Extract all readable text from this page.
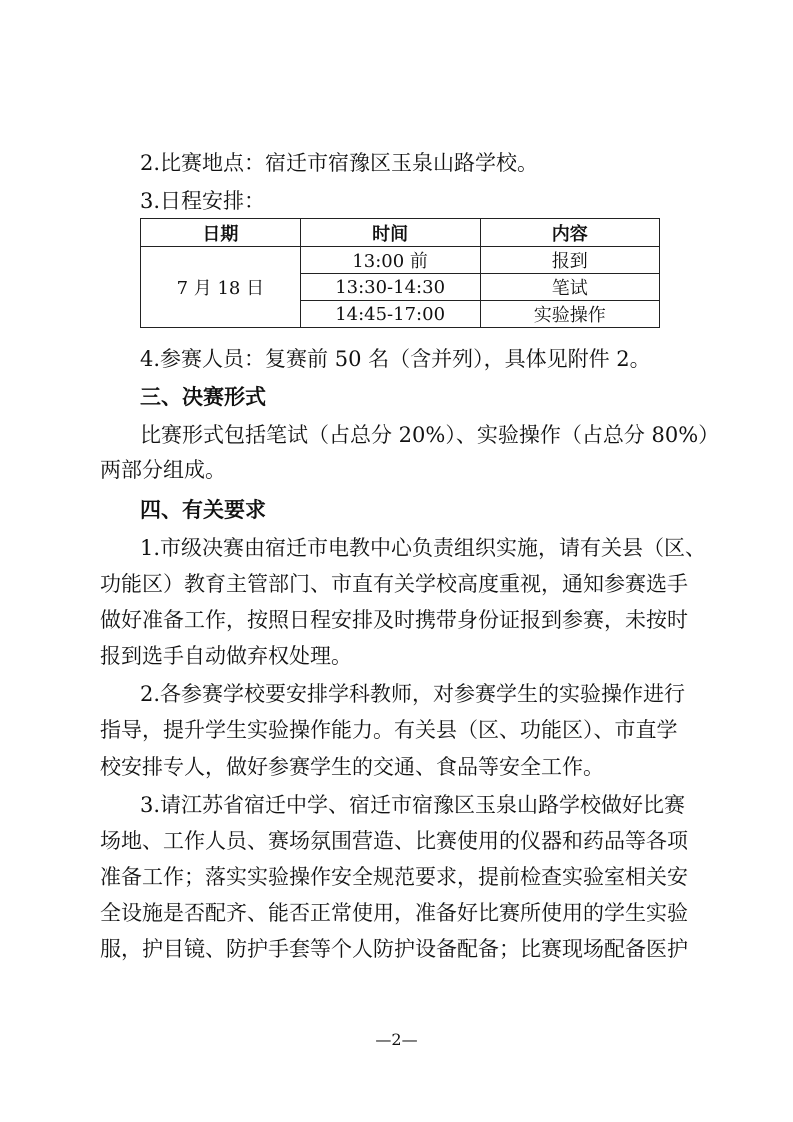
2.比赛地点：宿迁市宿豫区玉泉山路学校。
3.日程安排：
日期	时间	内容
7 月 18 日	13:00 前	报到
	13:30-14:30	笔试
	14:45-17:00	实验操作
4.参赛人员：复赛前 50 名（含并列），具体见附件 2。
三、决赛形式
比赛形式包括笔试（占总分 20%）、实验操作（占总分 80%）
两部分组成。
四、有关要求
1.市级决赛由宿迁市电教中心负责组织实施，请有关县（区、
功能区）教育主管部门、市直有关学校高度重视，通知参赛选手
做好准备工作，按照日程安排及时携带身份证报到参赛，未按时
报到选手自动做弃权处理。
2.各参赛学校要安排学科教师，对参赛学生的实验操作进行
指导，提升学生实验操作能力。有关县（区、功能区）、市直学
校安排专人，做好参赛学生的交通、食品等安全工作。
3.请江苏省宿迁中学、宿迁市宿豫区玉泉山路学校做好比赛
场地、工作人员、赛场氛围营造、比赛使用的仪器和药品等各项
准备工作；落实实验操作安全规范要求，提前检查实验室相关安
全设施是否配齐、能否正常使用，准备好比赛所使用的学生实验
服，护目镜、防护手套等个人防护设备配备；比赛现场配备医护
—2—
